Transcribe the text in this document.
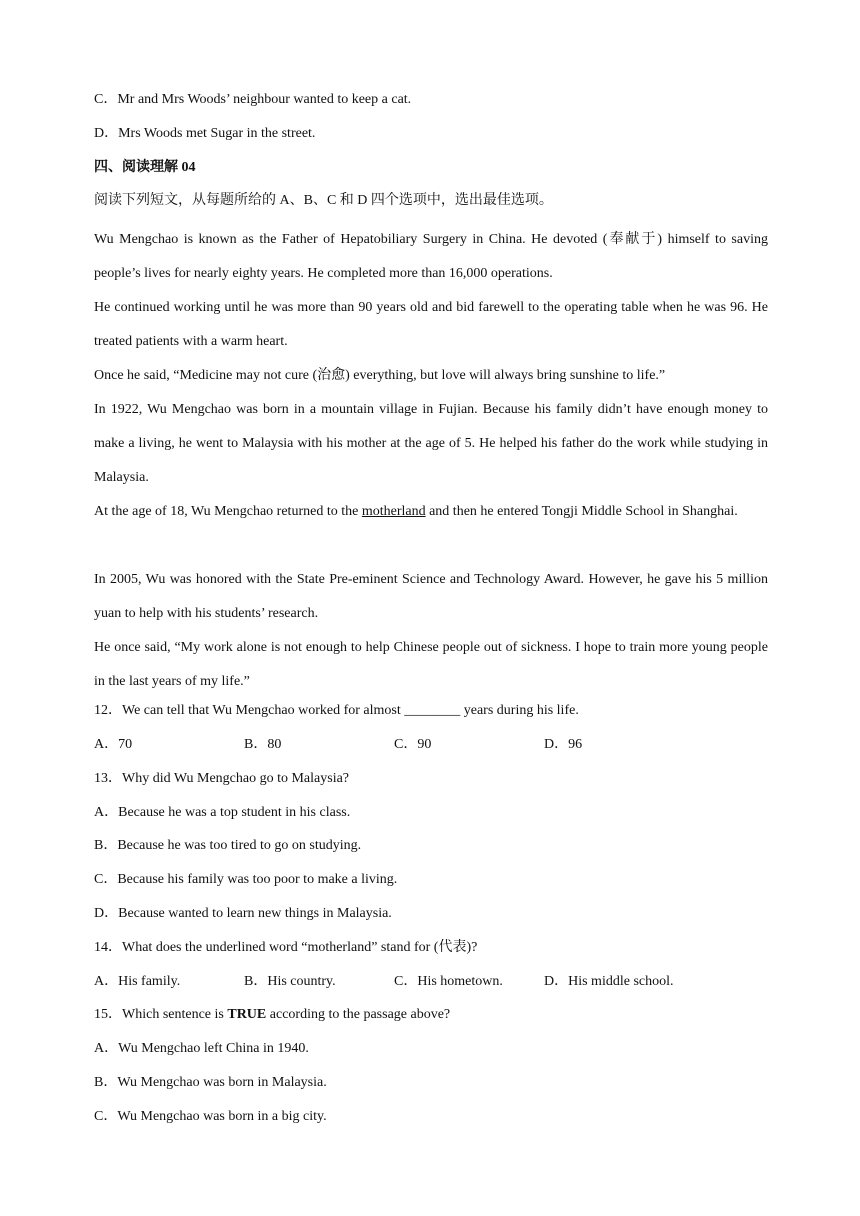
C．Mr and Mrs Woods’ neighbour wanted to keep a cat.
D．Mrs Woods met Sugar in the street.
四、阅读理解 04
阅读下列短文，从每题所给的 A、B、C 和 D 四个选项中，选出最佳选项。
Wu Mengchao is known as the Father of Hepatobiliary Surgery in China. He devoted (奉献于) himself to saving people’s lives for nearly eighty years. He completed more than 16,000 operations.
He continued working until he was more than 90 years old and bid farewell to the operating table when he was 96. He treated patients with a warm heart.
Once he said, “Medicine may not cure (治愈) everything, but love will always bring sunshine to life.”
In 1922, Wu Mengchao was born in a mountain village in Fujian. Because his family didn’t have enough money to make a living, he went to Malaysia with his mother at the age of 5. He helped his father do the work while studying in Malaysia.
At the age of 18, Wu Mengchao returned to the motherland and then he entered Tongji Middle School in Shanghai.
In 2005, Wu was honored with the State Pre-eminent Science and Technology Award. However, he gave his 5 million yuan to help with his students’ research.
He once said, “My work alone is not enough to help Chinese people out of sickness. I hope to train more young people in the last years of my life.”
12．We can tell that Wu Mengchao worked for almost ________ years during his life.
A．70	B．80	C．90	D．96
13．Why did Wu Mengchao go to Malaysia?
A．Because he was a top student in his class.
B．Because he was too tired to go on studying.
C．Because his family was too poor to make a living.
D．Because wanted to learn new things in Malaysia.
14．What does the underlined word “motherland” stand for (代表)?
A．His family.	B．His country.	C．His hometown.	D．His middle school.
15．Which sentence is TRUE according to the passage above?
A．Wu Mengchao left China in 1940.
B．Wu Mengchao was born in Malaysia.
C．Wu Mengchao was born in a big city.
